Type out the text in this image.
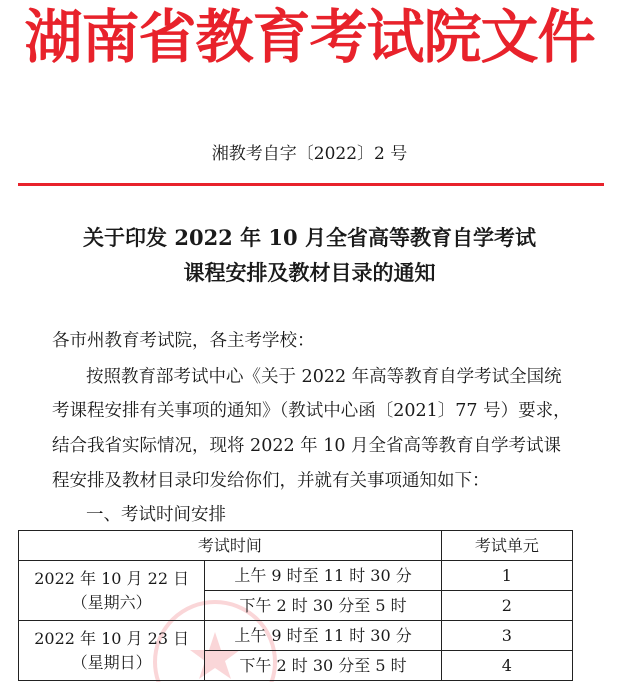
湖南省教育考试院文件
湘教考自字〔2022〕2 号
关于印发 2022 年 10 月全省高等教育自学考试
课程安排及教材目录的通知
各市州教育考试院，各主考学校：
按照教育部考试中心《关于 2022 年高等教育自学考试全国统
考课程安排有关事项的通知》（教试中心函〔2021〕77 号）要求，
结合我省实际情况，现将 2022 年 10 月全省高等教育自学考试课
程安排及教材目录印发给你们，并就有关事项通知如下：
一、考试时间安排
考试时间		考试单元

2022 年 10 月 22 日
（星期六）	上午 9 时至 11 时 30 分	1
	下午 2 时 30 分至 5 时	2

2022 年 10 月 23 日
（星期日）	上午 9 时至 11 时 30 分	3
	下午 2 时 30 分至 5 时	4
